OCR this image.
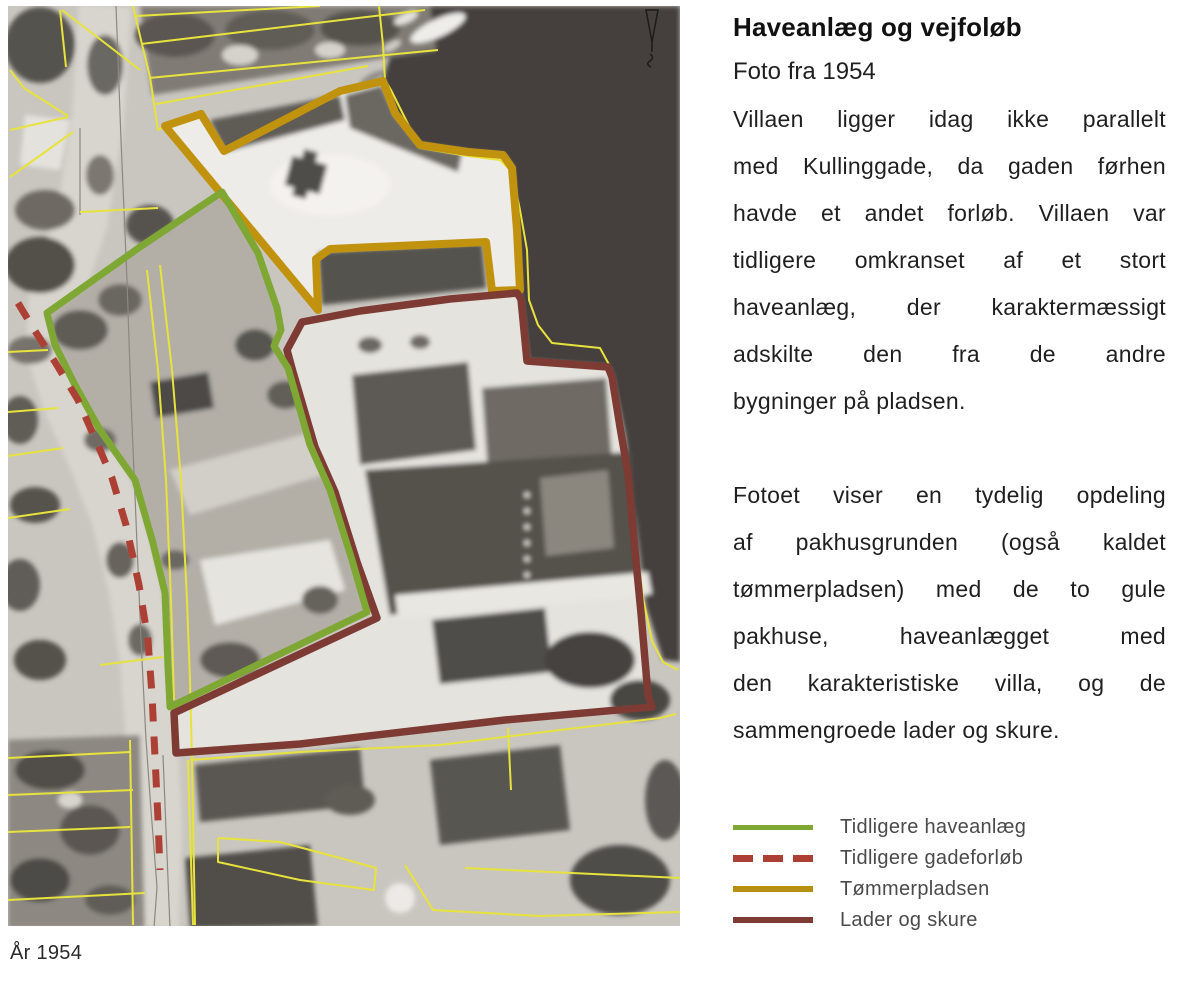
År 1954
Haveanlæg og vejfoløb
Foto fra 1954
Villaen ligger idag ikke parallelt
med Kullinggade, da gaden førhen
havde et andet forløb. Villaen var
tidligere omkranset af et stort
haveanlæg, der karaktermæssigt
adskilte den fra de andre
bygninger på pladsen.
Fotoet viser en tydelig opdeling
af pakhusgrunden (også kaldet
tømmerpladsen) med de to gule
pakhuse, haveanlægget med
den karakteristiske villa, og de
sammengroede lader og skure.
Tidligere haveanlæg
Tidligere gadeforløb
Tømmerpladsen
Lader og skure
